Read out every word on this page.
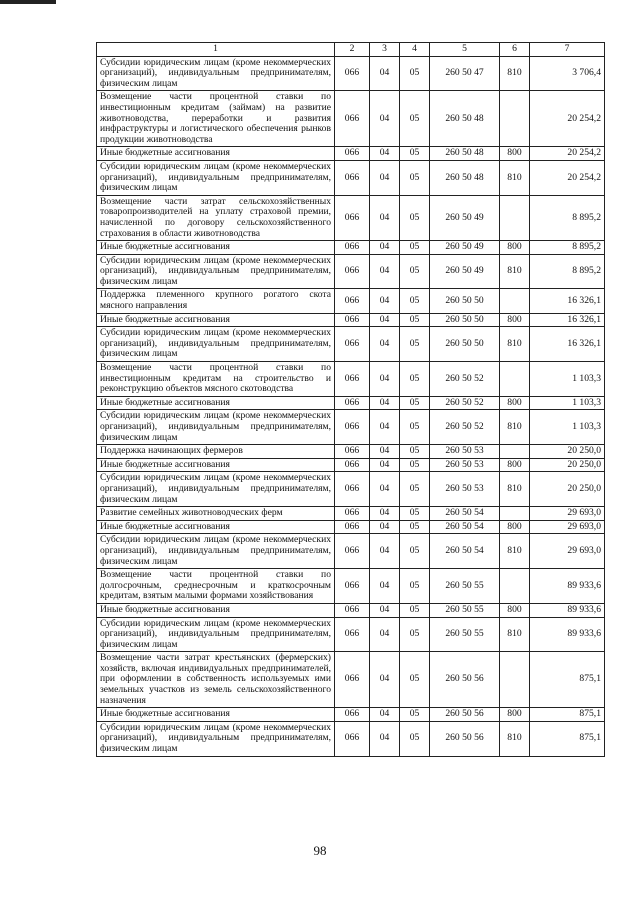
1	2	3	4	5	6	7
Субсидии юридическим лицам (кроме некоммерческих организаций), индивидуальным предпринимателям, физическим лицам	066	04	05	260 50 47	810	3 706,4
Возмещение части процентной ставки по инвестиционным кредитам (займам) на развитие животноводства, переработки и развития инфраструктуры и логистического обеспечения рынков продукции животноводства	066	04	05	260 50 48		20 254,2
Иные бюджетные ассигнования	066	04	05	260 50 48	800	20 254,2
Субсидии юридическим лицам (кроме некоммерческих организаций), индивидуальным предпринимателям, физическим лицам	066	04	05	260 50 48	810	20 254,2
Возмещение части затрат сельскохозяйственных товаропроизводителей на уплату страховой премии, начисленной по договору сельскохозяйственного страхования в области животноводства	066	04	05	260 50 49		8 895,2
Иные бюджетные ассигнования	066	04	05	260 50 49	800	8 895,2
Субсидии юридическим лицам (кроме некоммерческих организаций), индивидуальным предпринимателям, физическим лицам	066	04	05	260 50 49	810	8 895,2
Поддержка племенного крупного рогатого скота мясного направления	066	04	05	260 50 50		16 326,1
Иные бюджетные ассигнования	066	04	05	260 50 50	800	16 326,1
Субсидии юридическим лицам (кроме некоммерческих организаций), индивидуальным предпринимателям, физическим лицам	066	04	05	260 50 50	810	16 326,1
Возмещение части процентной ставки по инвестиционным кредитам на строительство и реконструкцию объектов мясного скотоводства	066	04	05	260 50 52		1 103,3
Иные бюджетные ассигнования	066	04	05	260 50 52	800	1 103,3
Субсидии юридическим лицам (кроме некоммерческих организаций), индивидуальным предпринимателям, физическим лицам	066	04	05	260 50 52	810	1 103,3
Поддержка начинающих фермеров	066	04	05	260 50 53		20 250,0
Иные бюджетные ассигнования	066	04	05	260 50 53	800	20 250,0
Субсидии юридическим лицам (кроме некоммерческих организаций), индивидуальным предпринимателям, физическим лицам	066	04	05	260 50 53	810	20 250,0
Развитие семейных животноводческих ферм	066	04	05	260 50 54		29 693,0
Иные бюджетные ассигнования	066	04	05	260 50 54	800	29 693,0
Субсидии юридическим лицам (кроме некоммерческих организаций), индивидуальным предпринимателям, физическим лицам	066	04	05	260 50 54	810	29 693,0
Возмещение части процентной ставки по долгосрочным, среднесрочным и краткосрочным кредитам, взятым малыми формами хозяйствования	066	04	05	260 50 55		89 933,6
Иные бюджетные ассигнования	066	04	05	260 50 55	800	89 933,6
Субсидии юридическим лицам (кроме некоммерческих организаций), индивидуальным предпринимателям, физическим лицам	066	04	05	260 50 55	810	89 933,6
Возмещение части затрат крестьянских (фермерских) хозяйств, включая индивидуальных предпринимателей, при оформлении в собственность используемых ими земельных участков из земель сельскохозяйственного назначения	066	04	05	260 50 56		875,1
Иные бюджетные ассигнования	066	04	05	260 50 56	800	875,1
Субсидии юридическим лицам (кроме некоммерческих организаций), индивидуальным предпринимателям, физическим лицам	066	04	05	260 50 56	810	875,1
98
